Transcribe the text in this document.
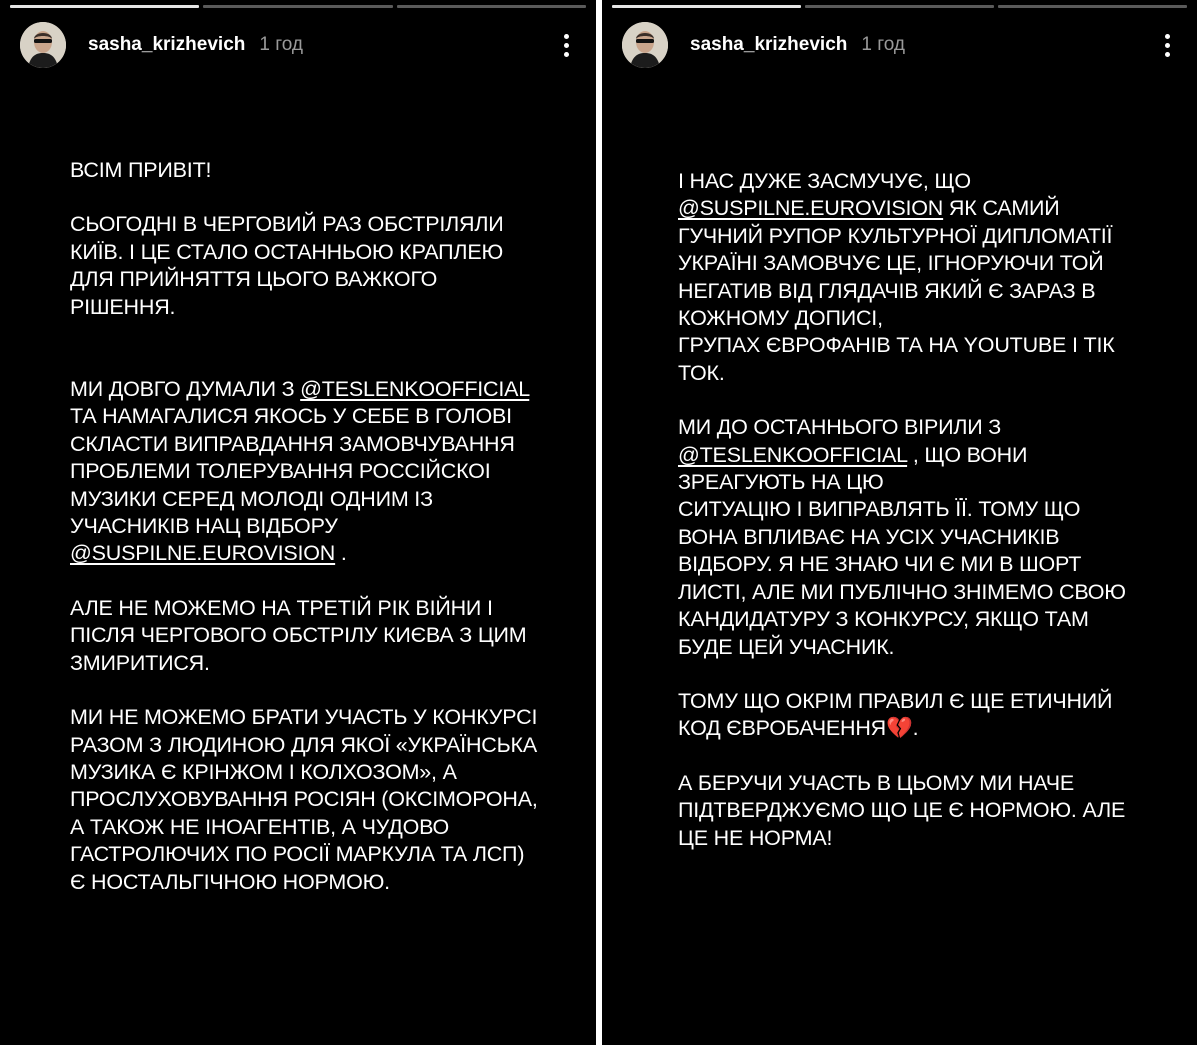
sasha_krizhevich 1 год	sasha_krizhevich 1 год

ВСІМ ПРИВІТ!

СЬОГОДНІ В ЧЕРГОВИЙ РАЗ ОБСТРІЛЯЛИ КИЇВ. І ЦЕ СТАЛО ОСТАННЬОЮ КРАПЛЕЮ ДЛЯ ПРИЙНЯТТЯ ЦЬОГО ВАЖКОГО РІШЕННЯ.

МИ ДОВГО ДУМАЛИ З @TESLENKOOFFICIAL ТА НАМАГАЛИСЯ ЯКОСЬ У СЕБЕ В ГОЛОВІ СКЛАСТИ ВИПРАВДАННЯ ЗАМОВЧУВАННЯ ПРОБЛЕМИ ТОЛЕРУВАННЯ РОССІЙСКОІ МУЗИКИ СЕРЕД МОЛОДІ ОДНИМ ІЗ УЧАСНИКІВ НАЦ ВІДБОРУ @SUSPILNE.EUROVISION .

АЛЕ НЕ МОЖЕМО НА ТРЕТІЙ РІК ВІЙНИ І ПІСЛЯ ЧЕРГОВОГО ОБСТРІЛУ КИЄВА З ЦИМ ЗМИРИТИСЯ.

МИ НЕ МОЖЕМО БРАТИ УЧАСТЬ У КОНКУРСІ РАЗОМ З ЛЮДИНОЮ ДЛЯ ЯКОЇ «УКРАЇНСЬКА МУЗИКА Є КРІНЖОМ І КОЛХОЗОМ», А ПРОСЛУХОВУВАННЯ РОСІЯН (ОКСІМОРОНА, А ТАКОЖ НЕ ІНОАГЕНТІВ, А ЧУДОВО ГАСТРОЛЮЧИХ ПО РОСІЇ МАРКУЛА ТА ЛСП) Є НОСТАЛЬГІЧНОЮ НОРМОЮ.

І НАС ДУЖЕ ЗАСМУЧУЄ, ЩО @SUSPILNE.EUROVISION ЯК САМИЙ ГУЧНИЙ РУПОР КУЛЬТУРНОЇ ДИПЛОМАТІЇ УКРАЇНІ ЗАМОВЧУЄ ЦЕ, ІГНОРУЮЧИ ТОЙ НЕГАТИВ ВІД ГЛЯДАЧІВ ЯКИЙ Є ЗАРАЗ В КОЖНОМУ ДОПИСІ,

ГРУПАХ ЄВРОФАНІВ ТА НА YOUTUBE І ТІК ТОК.

МИ ДО ОСТАННЬОГО ВІРИЛИ З @TESLENKOOFFICIAL , ЩО ВОНИ ЗРЕАГУЮТЬ НА ЦЮ

СИТУАЦІЮ І ВИПРАВЛЯТЬ ЇЇ. ТОМУ ЩО ВОНА ВПЛИВАЄ НА УСІХ УЧАСНИКІВ ВІДБОРУ. Я НЕ ЗНАЮ ЧИ Є МИ В ШОРТ ЛИСТІ, АЛЕ МИ ПУБЛІЧНО ЗНІМЕМО СВОЮ КАНДИДАТУРУ З КОНКУРСУ, ЯКЩО ТАМ БУДЕ ЦЕЙ УЧАСНИК.

ТОМУ ЩО ОКРІМ ПРАВИЛ Є ЩЕ ЕТИЧНИЙ КОД ЄВРОБАЧЕННЯ💔.

А БЕРУЧИ УЧАСТЬ В ЦЬОМУ МИ НАЧЕ ПІДТВЕРДЖУЄМО ЩО ЦЕ Є НОРМОЮ. АЛЕ ЦЕ НЕ НОРМА!
